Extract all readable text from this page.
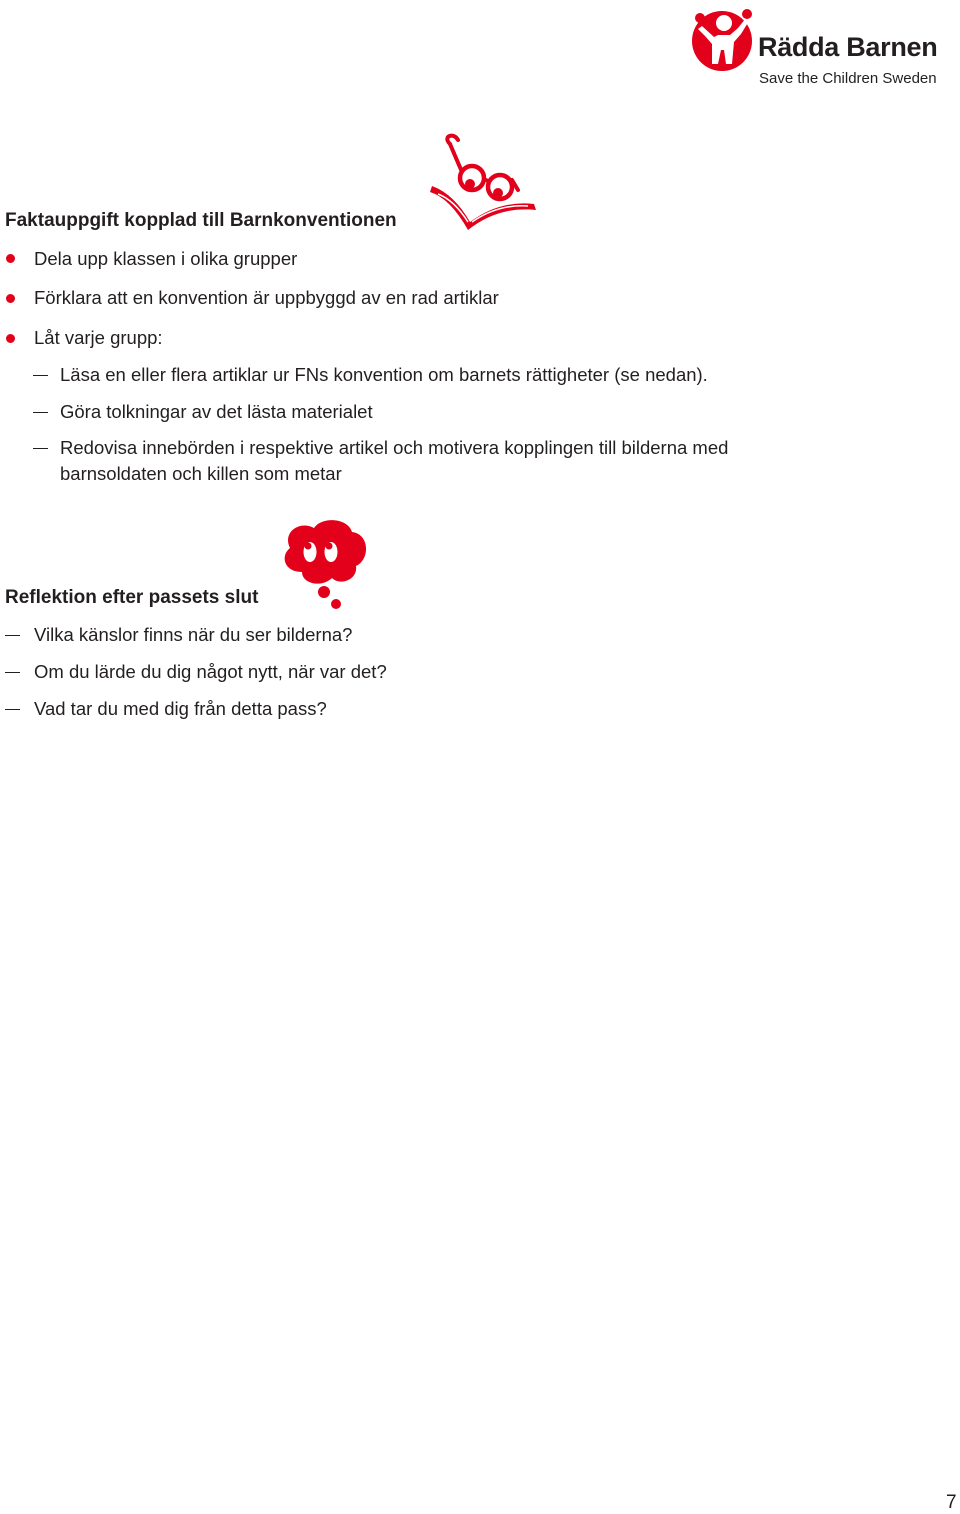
Rädda Barnen
Save the Children Sweden
Faktauppgift kopplad till Barnkonventionen
Dela upp klassen i olika grupper
Förklara att en konvention är uppbyggd av en rad artiklar
Låt varje grupp:
Läsa en eller flera artiklar ur FNs konvention om barnets rättigheter (se nedan).
Göra tolkningar av det lästa materialet
Redovisa innebörden i respektive artikel och motivera kopplingen till bilderna med
barnsoldaten och killen som metar
Reflektion efter passets slut
Vilka känslor finns när du ser bilderna?
Om du lärde du dig något nytt, när var det?
Vad tar du med dig från detta pass?
7
